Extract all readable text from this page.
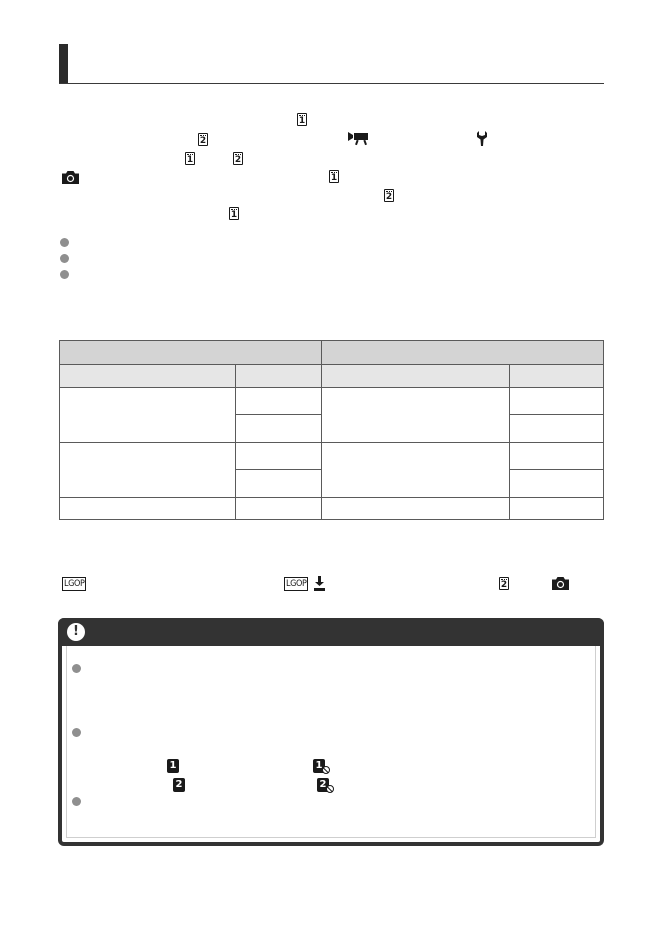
1
2
1	2
1
2
1
LGOP	LGOP	2
!
1	1
2	2
